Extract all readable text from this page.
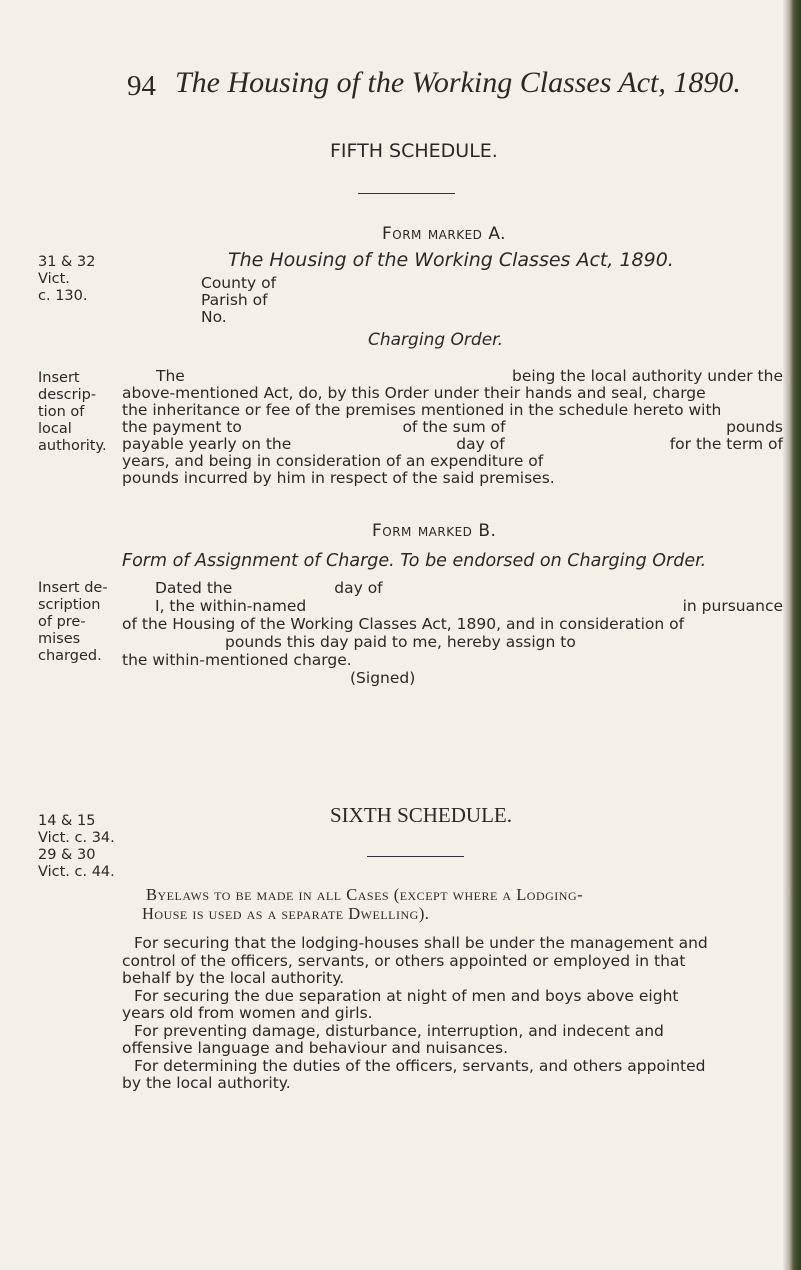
94 The Housing of the Working Classes Act, 1890.
FIFTH SCHEDULE.
Form marked A.
31 & 32
Vict.
c. 130.
The Housing of the Working Classes Act, 1890.
County of
Parish of
No.
Charging Order.
Insert
descrip-
tion of
local
authority.
The	being the local authority under the
above-mentioned Act, do, by this Order under their hands and seal, charge
the inheritance or fee of the premises mentioned in the schedule hereto with
the payment to	of the sum of	pounds
payable yearly on the	day of	for the term of
years, and being in consideration of an expenditure of
pounds incurred by him in respect of the said premises.
Form marked B.
Form of Assignment of Charge. To be endorsed on Charging Order.
Insert de-
scription
of pre-
mises
charged.
Dated the	day of
I, the within-named	in pursuance
of the Housing of the Working Classes Act, 1890, and in consideration of
pounds this day paid to me, hereby assign to
the within-mentioned charge.
(Signed)
14 & 15
Vict. c. 34.
29 & 30
Vict. c. 44.
SIXTH SCHEDULE.
Byelaws to be made in all Cases (except where a Lodging-
House is used as a separate Dwelling).
For securing that the lodging-houses shall be under the management and
control of the officers, servants, or others appointed or employed in that
behalf by the local authority.
For securing the due separation at night of men and boys above eight
years old from women and girls.
For preventing damage, disturbance, interruption, and indecent and
offensive language and behaviour and nuisances.
For determining the duties of the officers, servants, and others appointed
by the local authority.
